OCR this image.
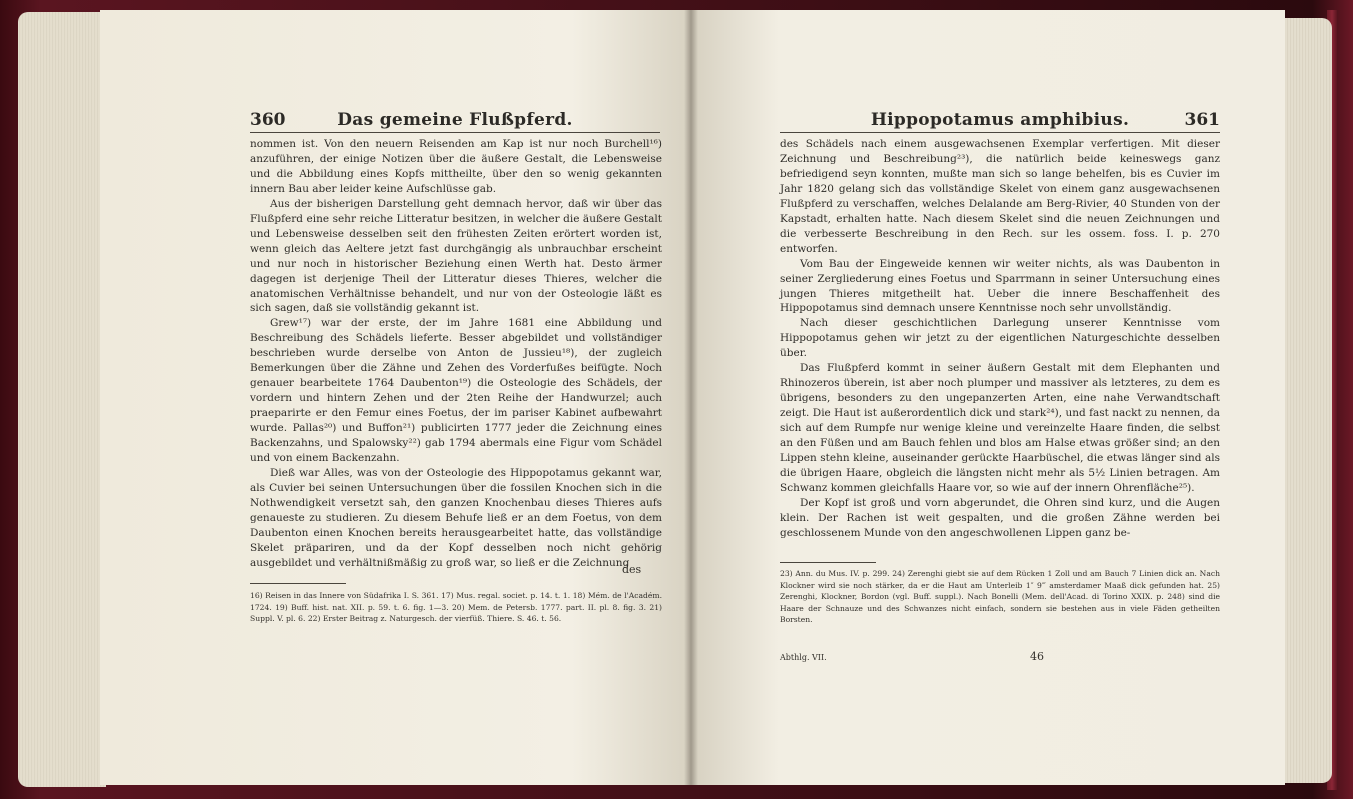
360	Das gemeine Flußpferd.

nommen ist. Von den neuern Reisenden am Kap ist nur noch Burchell¹⁶) anzuführen, der einige Notizen über die äußere Gestalt, die Lebensweise und die Abbildung eines Kopfs mittheilte, über den so wenig gekannten innern Bau aber leider keine Aufschlüsse gab.

Aus der bisherigen Darstellung geht demnach hervor, daß wir über das Flußpferd eine sehr reiche Litteratur besitzen, in welcher die äußere Gestalt und Lebensweise desselben seit den frühesten Zeiten erörtert worden ist, wenn gleich das Aeltere jetzt fast durchgängig als unbrauchbar erscheint und nur noch in historischer Beziehung einen Werth hat. Desto ärmer dagegen ist derjenige Theil der Litteratur dieses Thieres, welcher die anatomischen Verhältnisse behandelt, und nur von der Osteologie läßt es sich sagen, daß sie vollständig gekannt ist.

Grew¹⁷) war der erste, der im Jahre 1681 eine Abbildung und Beschreibung des Schädels lieferte. Besser abgebildet und vollständiger beschrieben wurde derselbe von Anton de Jussieu¹⁸), der zugleich Bemerkungen über die Zähne und Zehen des Vorderfußes beifügte. Noch genauer bearbeitete 1764 Daubenton¹⁹) die Osteologie des Schädels, der vordern und hintern Zehen und der 2ten Reihe der Handwurzel; auch praeparirte er den Femur eines Foetus, der im pariser Kabinet aufbewahrt wurde. Pallas²⁰) und Buffon²¹) publicirten 1777 jeder die Zeichnung eines Backenzahns, und Spalowsky²²) gab 1794 abermals eine Figur vom Schädel und von einem Backenzahn.

Dieß war Alles, was von der Osteologie des Hippopotamus gekannt war, als Cuvier bei seinen Untersuchungen über die fossilen Knochen sich in die Nothwendigkeit versetzt sah, den ganzen Knochenbau dieses Thieres aufs genaueste zu studieren. Zu diesem Behufe ließ er an dem Foetus, von dem Daubenton einen Knochen bereits herausgearbeitet hatte, das vollständige Skelet präpariren, und da der Kopf desselben noch nicht gehörig ausgebildet und verhältnißmäßig zu groß war, so ließ er die Zeichnung

des

16) Reisen in das Innere von Südafrika I. S. 361. 17) Mus. regal. societ. p. 14. t. 1. 18) Mém. de l'Académ. 1724. 19) Buff. hist. nat. XII. p. 59. t. 6. fig. 1—3. 20) Mem. de Petersb. 1777. part. II. pl. 8. fig. 3. 21) Suppl. V. pl. 6. 22) Erster Beitrag z. Naturgesch. der vierfüß. Thiere. S. 46. t. 56.

Hippopotamus amphibius.	361

des Schädels nach einem ausgewachsenen Exemplar verfertigen. Mit dieser Zeichnung und Beschreibung²³), die natürlich beide keineswegs ganz befriedigend seyn konnten, mußte man sich so lange behelfen, bis es Cuvier im Jahr 1820 gelang sich das vollständige Skelet von einem ganz ausgewachsenen Flußpferd zu verschaffen, welches Delalande am Berg-Rivier, 40 Stunden von der Kapstadt, erhalten hatte. Nach diesem Skelet sind die neuen Zeichnungen und die verbesserte Beschreibung in den Rech. sur les ossem. foss. I. p. 270 entworfen.

Vom Bau der Eingeweide kennen wir weiter nichts, als was Daubenton in seiner Zergliederung eines Foetus und Sparrmann in seiner Untersuchung eines jungen Thieres mitgetheilt hat. Ueber die innere Beschaffenheit des Hippopotamus sind demnach unsere Kenntnisse noch sehr unvollständig.

Nach dieser geschichtlichen Darlegung unserer Kenntnisse vom Hippopotamus gehen wir jetzt zu der eigentlichen Naturgeschichte desselben über.

Das Flußpferd kommt in seiner äußern Gestalt mit dem Elephanten und Rhinozeros überein, ist aber noch plumper und massiver als letzteres, zu dem es übrigens, besonders zu den ungepanzerten Arten, eine nahe Verwandtschaft zeigt. Die Haut ist außerordentlich dick und stark²⁴), und fast nackt zu nennen, da sich auf dem Rumpfe nur wenige kleine und vereinzelte Haare finden, die selbst an den Füßen und am Bauch fehlen und blos am Halse etwas größer sind; an den Lippen stehn kleine, auseinander gerückte Haarbüschel, die etwas länger sind als die übrigen Haare, obgleich die längsten nicht mehr als 5½ Linien betragen. Am Schwanz kommen gleichfalls Haare vor, so wie auf der innern Ohrenfläche²⁵).

Der Kopf ist groß und vorn abgerundet, die Ohren sind kurz, und die Augen klein. Der Rachen ist weit gespalten, und die großen Zähne werden bei geschlossenem Munde von den angeschwollenen Lippen ganz be-

23) Ann. du Mus. IV. p. 299. 24) Zerenghi giebt sie auf dem Rücken 1 Zoll und am Bauch 7 Linien dick an. Nach Klockner wird sie noch stärker, da er die Haut am Unterleib 1″ 9‴ amsterdamer Maaß dick gefunden hat. 25) Zerenghi, Klockner, Bordon (vgl. Buff. suppl.). Nach Bonelli (Mem. dell'Acad. di Torino XXIX. p. 248) sind die Haare der Schnauze und des Schwanzes nicht einfach, sondern sie bestehen aus in viele Fäden getheilten Borsten.

Abthlg. VII.	46
